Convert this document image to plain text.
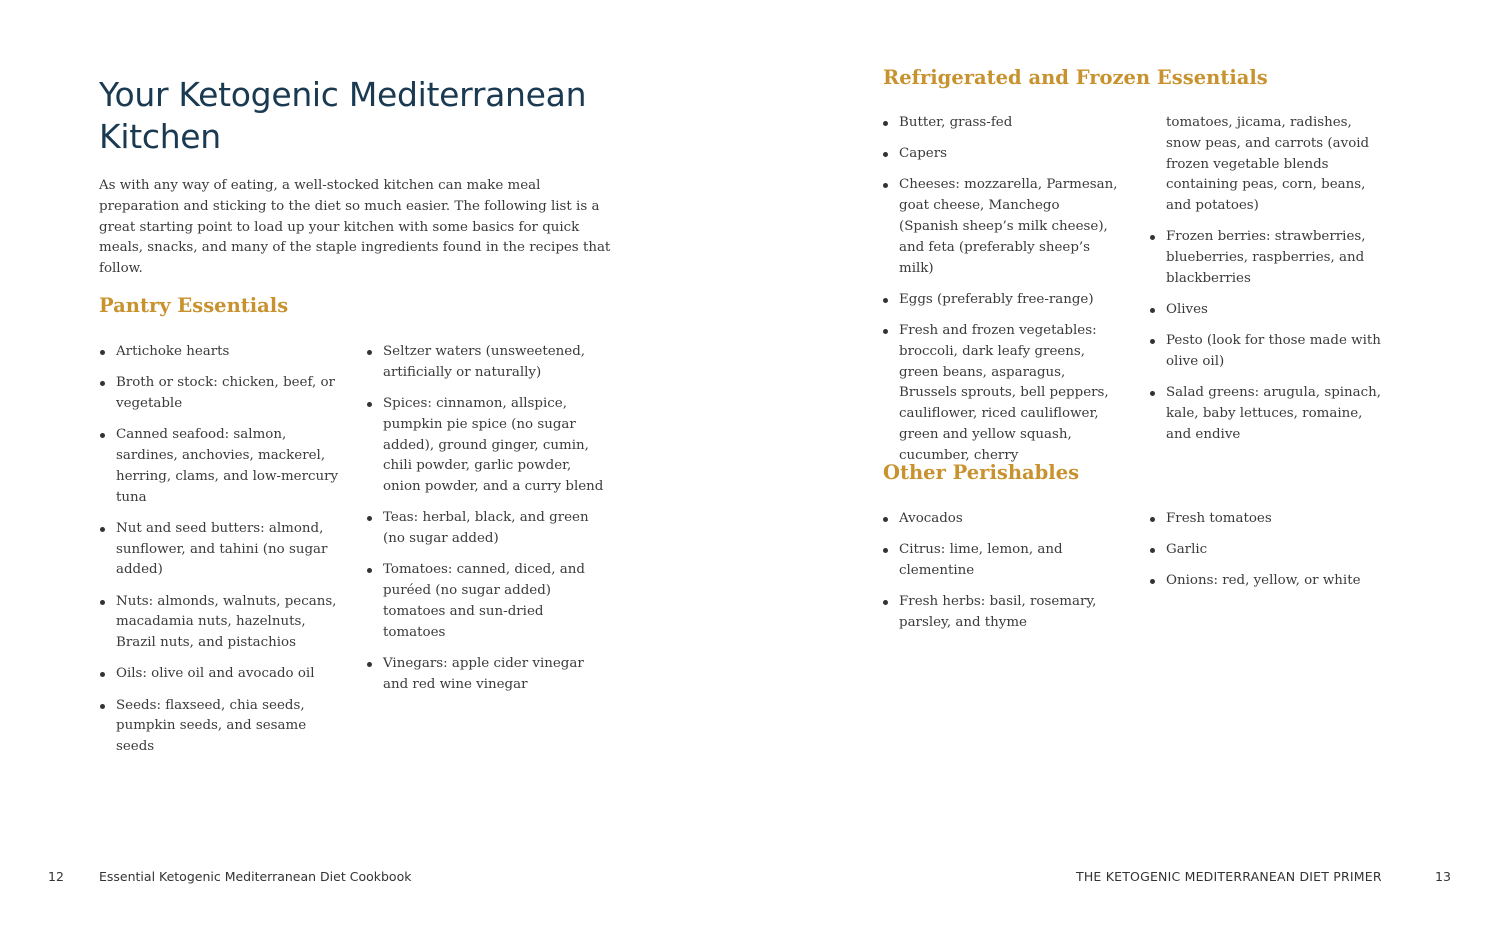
Your Ketogenic Mediterranean Kitchen

As with any way of eating, a well-stocked kitchen can make meal preparation and sticking to the diet so much easier. The following list is a great starting point to load up your kitchen with some basics for quick meals, snacks, and many of the staple ingredients found in the recipes that follow.

Pantry Essentials
Artichoke hearts
Broth or stock: chicken, beef, or vegetable
Canned seafood: salmon, sardines, anchovies, mackerel, herring, clams, and low-mercury tuna
Nut and seed butters: almond, sunflower, and tahini (no sugar added)
Nuts: almonds, walnuts, pecans, macadamia nuts, hazelnuts, Brazil nuts, and pistachios
Oils: olive oil and avocado oil
Seeds: flaxseed, chia seeds, pumpkin seeds, and sesame seeds
Seltzer waters (unsweetened, artificially or naturally)
Spices: cinnamon, allspice, pumpkin pie spice (no sugar added), ground ginger, cumin, chili powder, garlic powder, onion powder, and a curry blend
Teas: herbal, black, and green (no sugar added)
Tomatoes: canned, diced, and puréed (no sugar added) tomatoes and sun-dried tomatoes
Vinegars: apple cider vinegar and red wine vinegar
12	Essential Ketogenic Mediterranean Diet Cookbook
Refrigerated and Frozen Essentials
Butter, grass-fed
Capers
Cheeses: mozzarella, Parmesan, goat cheese, Manchego (Spanish sheep’s milk cheese), and feta (preferably sheep’s milk)
Eggs (preferably free-range)
Fresh and frozen vegetables: broccoli, dark leafy greens, green beans, asparagus, Brussels sprouts, bell peppers, cauliflower, riced cauliflower, green and yellow squash, cucumber, cherry
tomatoes, jicama, radishes, snow peas, and carrots (avoid frozen vegetable blends containing peas, corn, beans, and potatoes)
Frozen berries: strawberries, blueberries, raspberries, and blackberries
Olives
Pesto (look for those made with olive oil)
Salad greens: arugula, spinach, kale, baby lettuces, romaine, and endive
Other Perishables
Avocados
Citrus: lime, lemon, and clementine
Fresh herbs: basil, rosemary, parsley, and thyme
Fresh tomatoes
Garlic
Onions: red, yellow, or white
THE KETOGENIC MEDITERRANEAN DIET PRIMER	13
